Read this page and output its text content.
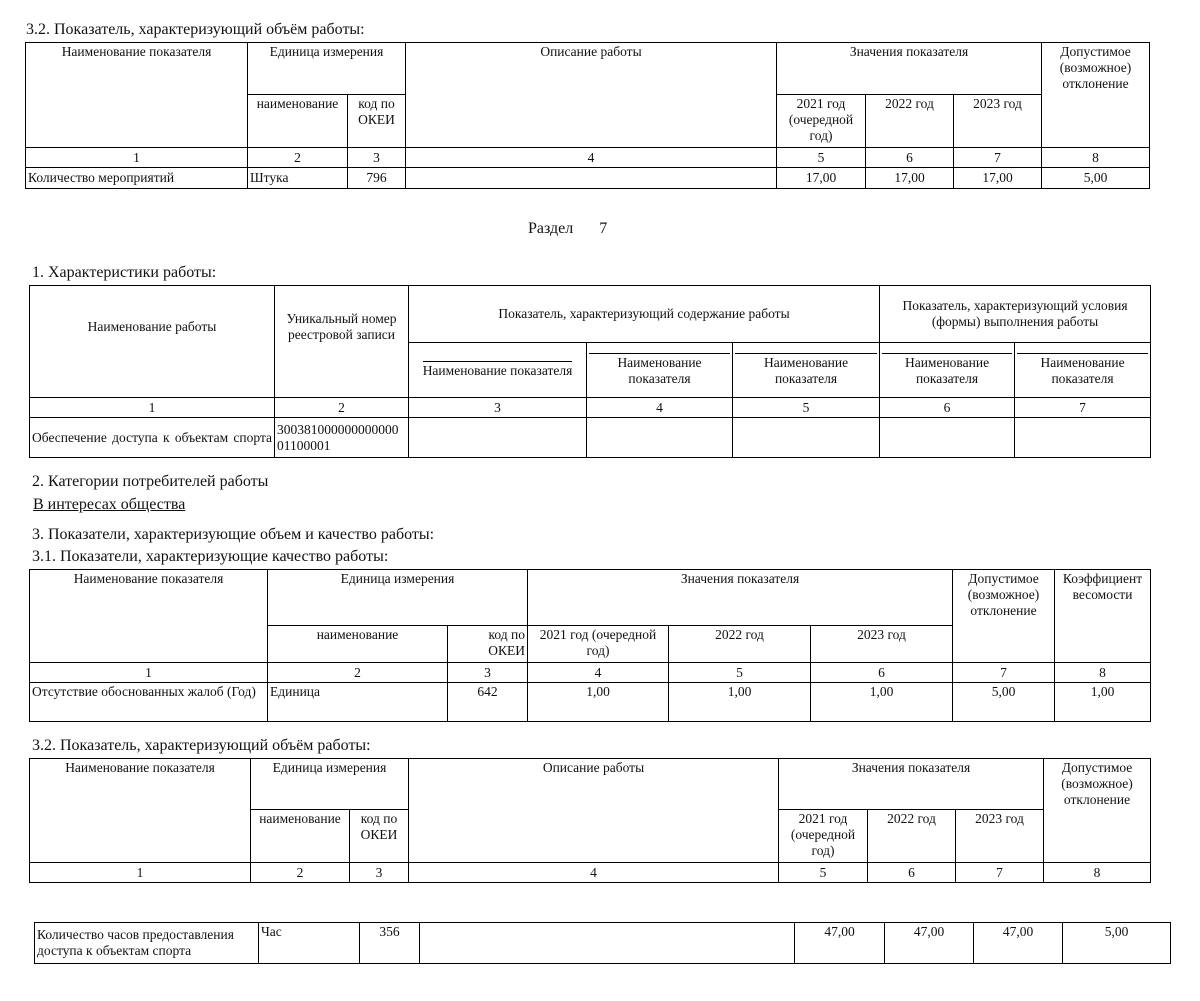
3.2. Показатель, характеризующий объём работы:
Наименование показателя	Единица измерения		Описание работы	Значения показателя			Допустимое (возможное) отклонение
	наименование	код по ОКЕИ		2021 год (очередной год)	2022 год	2023 год	
1	2	3	4	5	6	7	8
Количество мероприятий	Штука	796		17,00	17,00	17,00	5,00
Раздел 7
1. Характеристики работы:
Наименование работы	Уникальный номер реестровой записи	Показатель, характеризующий содержание работы			Показатель, характеризующий условия (формы) выполнения работы	
		Наименование показателя	Наименование показателя	Наименование показателя	Наименование показателя	Наименование показателя
1	2	3	4	5	6	7
Обеспечение доступа к объектам спорта	300381000000000000 01100001					
2. Категории потребителей работы
В интересах общества
3. Показатели, характеризующие объем и качество работы:
3.1. Показатели, характеризующие качество работы:
Наименование показателя	Единица измерения		Значения показателя			Допустимое (возможное) отклонение	Коэффициент весомости
	наименование	код по ОКЕИ	2021 год (очередной год)	2022 год	2023 год		
1	2	3	4	5	6	7	8
Отсутствие обоснованных жалоб (Год)	Единица	642	1,00	1,00	1,00	5,00	1,00
3.2. Показатель, характеризующий объём работы:
Наименование показателя	Единица измерения		Описание работы	Значения показателя			Допустимое (возможное) отклонение
	наименование	код по ОКЕИ		2021 год (очередной год)	2022 год	2023 год	
1	2	3	4	5	6	7	8
Количество часов предоставления доступа к объектам спорта	Час	356		47,00	47,00	47,00	5,00
